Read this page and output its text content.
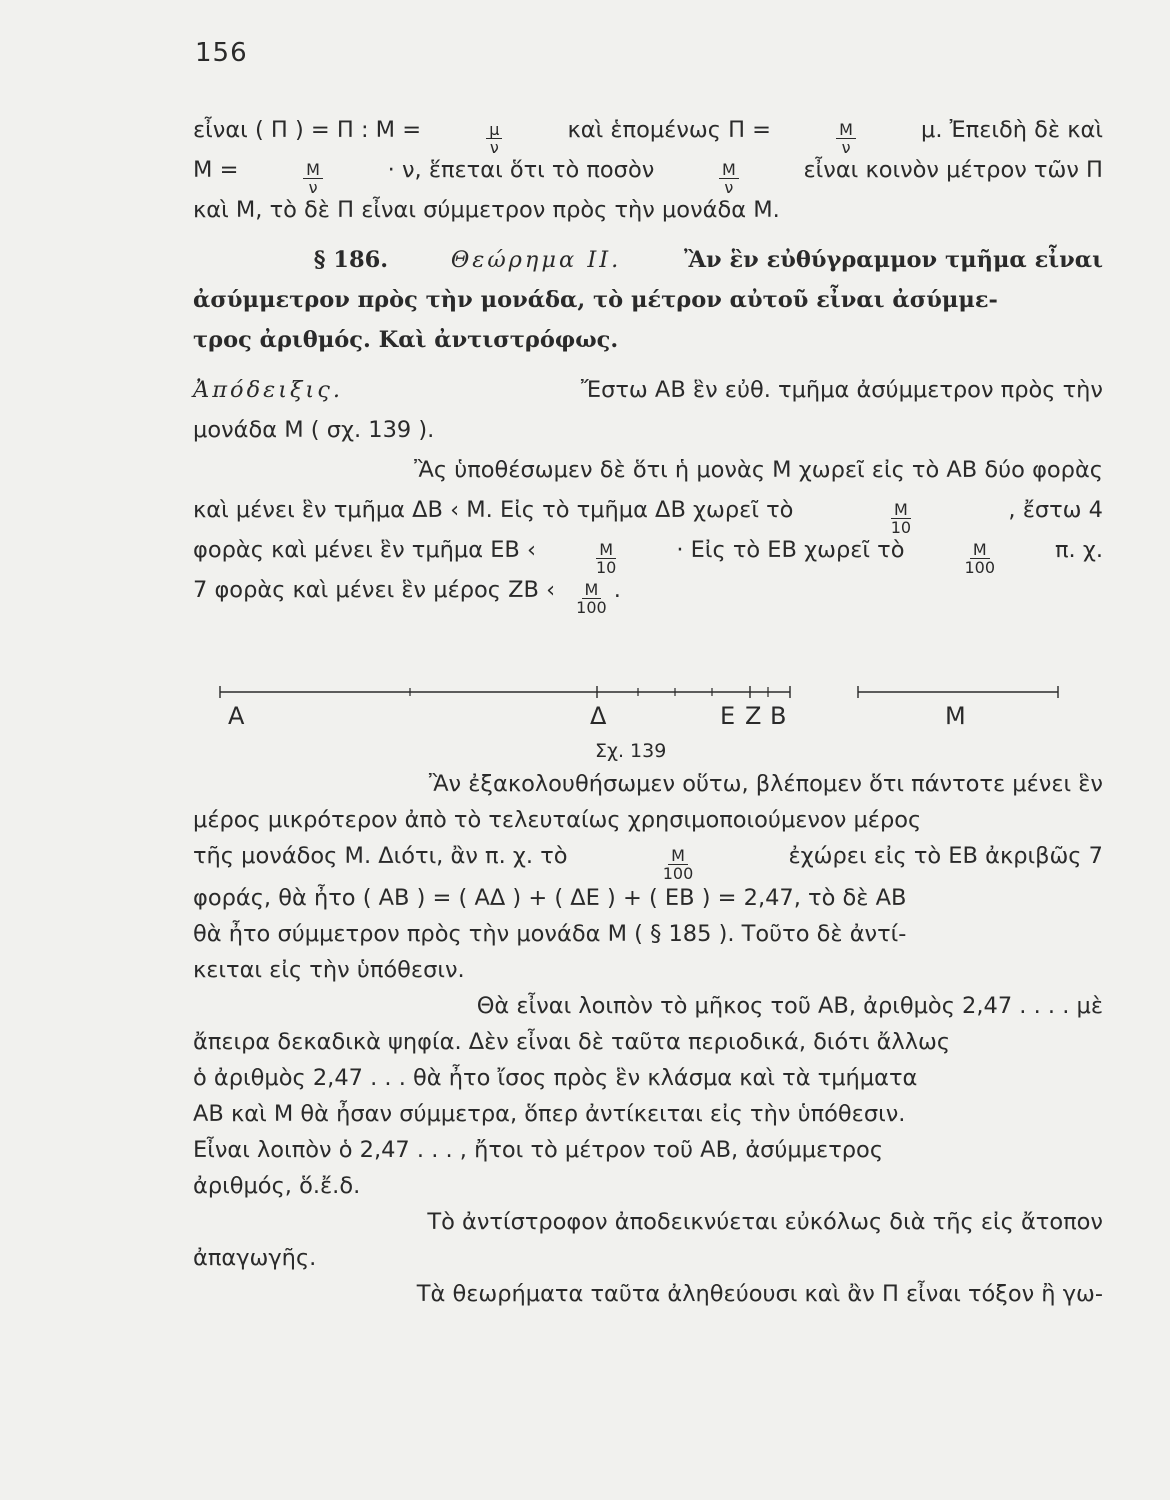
156
εἶναι ( Π ) = Π : Μ =	$\frac{\mu}{\nu}$	καὶ ἑπομένως Π =	$\frac{M}{\nu}$	μ. Ἐπειδὴ δὲ καὶ
Μ =	$\frac{M}{\nu}$	· ν, ἕπεται ὅτι τὸ ποσὸν	$\frac{M}{\nu}$	εἶναι κοινὸν μέτρον τῶν Π
καὶ Μ, τὸ δὲ Π εἶναι σύμμετρον πρὸς τὴν μονάδα Μ.
§ 186.	Θεώρημα ΙΙ.	Ἂν ἓν εὐθύγραμμον τμῆμα εἶναι
ἀσύμμετρον πρὸς τὴν μονάδα, τὸ μέτρον αὐτοῦ εἶναι ἀσύμμε-
τρος ἀριθμός. Καὶ ἀντιστρόφως.
Ἀπόδειξις.	Ἔστω ΑΒ ἓν εὐθ. τμῆμα ἀσύμμετρον πρὸς τὴν
μονάδα Μ ( σχ. 139 ).
Ἂς ὑποθέσωμεν δὲ ὅτι ἡ μονὰς Μ χωρεῖ εἰς τὸ ΑΒ δύο φορὰς
καὶ μένει ἓν τμῆμα ΔΒ ‹ Μ. Εἰς τὸ τμῆμα ΔΒ χωρεῖ τὸ	$\frac{M}{10}$	, ἔστω 4
φορὰς καὶ μένει ἓν τμῆμα ΕΒ ‹	$\frac{M}{10}$	· Εἰς τὸ ΕΒ χωρεῖ τὸ	$\frac{M}{100}$	π. χ.
7 φορὰς καὶ μένει ἓν μέρος ΖΒ ‹ $\frac{M}{100}$ .
Α	Δ	Ε Ζ Β	Μ
Σχ. 139
Ἂν ἐξακολουθήσωμεν οὕτω, βλέπομεν ὅτι πάντοτε μένει ἓν
μέρος μικρότερον ἀπὸ τὸ τελευταίως χρησιμοποιούμενον μέρος
τῆς μονάδος Μ. Διότι, ἂν π. χ. τὸ	$\frac{M}{100}$	ἐχώρει εἰς τὸ ΕΒ ἀκριβῶς 7
φοράς, θὰ ἦτο ( ΑΒ ) = ( ΑΔ ) + ( ΔΕ ) + ( ΕΒ ) = 2,47, τὸ δὲ ΑΒ
θὰ ἦτο σύμμετρον πρὸς τὴν μονάδα Μ ( § 185 ). Τοῦτο δὲ ἀντί-
κειται εἰς τὴν ὑπόθεσιν.
Θὰ εἶναι λοιπὸν τὸ μῆκος τοῦ ΑΒ, ἀριθμὸς 2,47 . . . . μὲ
ἄπειρα δεκαδικὰ ψηφία. Δὲν εἶναι δὲ ταῦτα περιοδικά, διότι ἄλλως
ὁ ἀριθμὸς 2,47 . . . θὰ ἦτο ἴσος πρὸς ἓν κλάσμα καὶ τὰ τμήματα
ΑΒ καὶ Μ θὰ ἦσαν σύμμετρα, ὅπερ ἀντίκειται εἰς τὴν ὑπόθεσιν.
Εἶναι λοιπὸν ὁ 2,47 . . . , ἤτοι τὸ μέτρον τοῦ ΑΒ, ἀσύμμετρος
ἀριθμός, ὅ.ἔ.δ.
Τὸ ἀντίστροφον ἀποδεικνύεται εὐκόλως διὰ τῆς εἰς ἄτοπον
ἀπαγωγῆς.
Τὰ θεωρήματα ταῦτα ἀληθεύουσι καὶ ἂν Π εἶναι τόξον ἢ γω-
